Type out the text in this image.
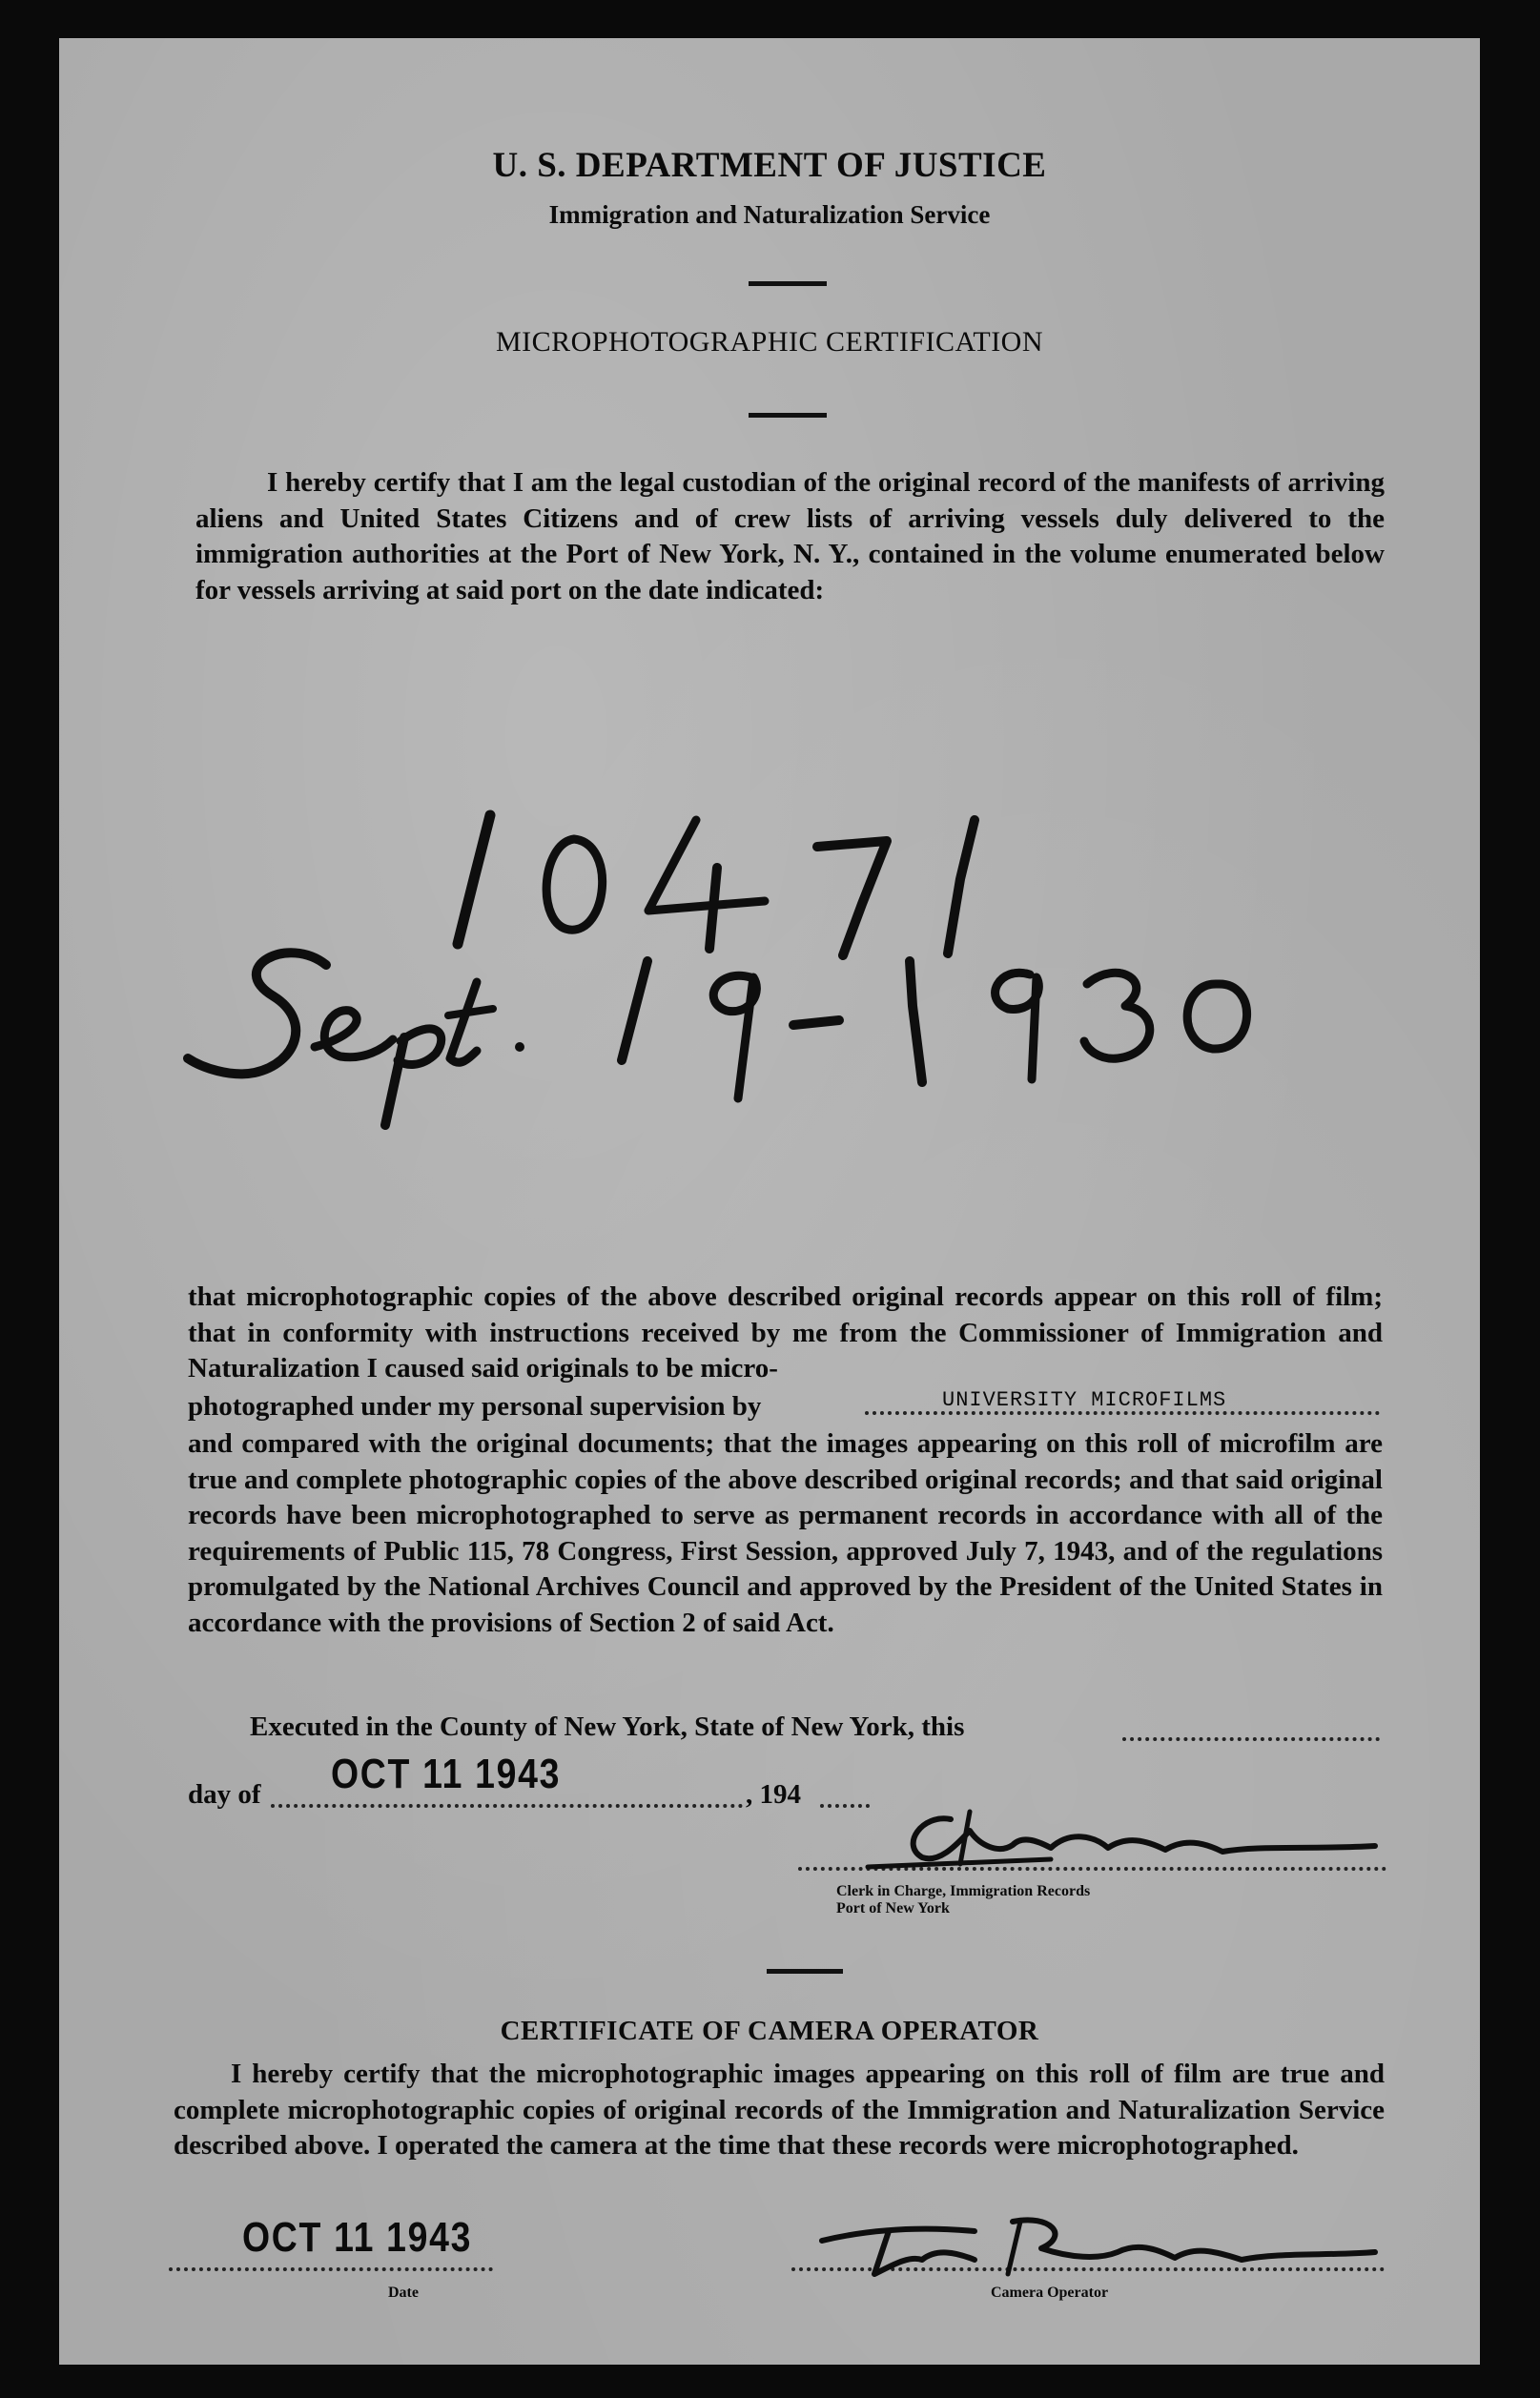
U. S. DEPARTMENT OF JUSTICE
Immigration and Naturalization Service
MICROPHOTOGRAPHIC CERTIFICATION

I hereby certify that I am the legal custodian of the original record of the manifests of arriving aliens and United States Citizens and of crew lists of arriving vessels duly delivered to the immigration authorities at the Port of New York, N. Y., contained in the volume enumerated below for vessels arriving at said port on the date indicated:

that microphotographic copies of the above described original records appear on this roll of film; that in conformity with instructions received by me from the Commissioner of Immigration and Naturalization I caused said originals to be micro-

photographed under my personal supervision by	UNIVERSITY MICROFILMS

and compared with the original documents; that the images appearing on this roll of microfilm are true and complete photographic copies of the above described original records; and that said original records have been microphotographed to serve as permanent records in accordance with all of the requirements of Public 115, 78 Congress, First Session, approved July 7, 1943, and of the regulations promulgated by the National Archives Council and approved by the President of the United States in accordance with the provisions of Section 2 of said Act.

Executed in the County of New York, State of New York, this
day of OCT 11 1943	, 194
Clerk in Charge, Immigration Records
Port of New York
CERTIFICATE OF CAMERA OPERATOR

I hereby certify that the microphotographic images appearing on this roll of film are true and complete microphotographic copies of original records of the Immigration and Naturalization Service described above. I operated the camera at the time that these records were microphotographed.

OCT 11 1943
Date	Camera Operator
